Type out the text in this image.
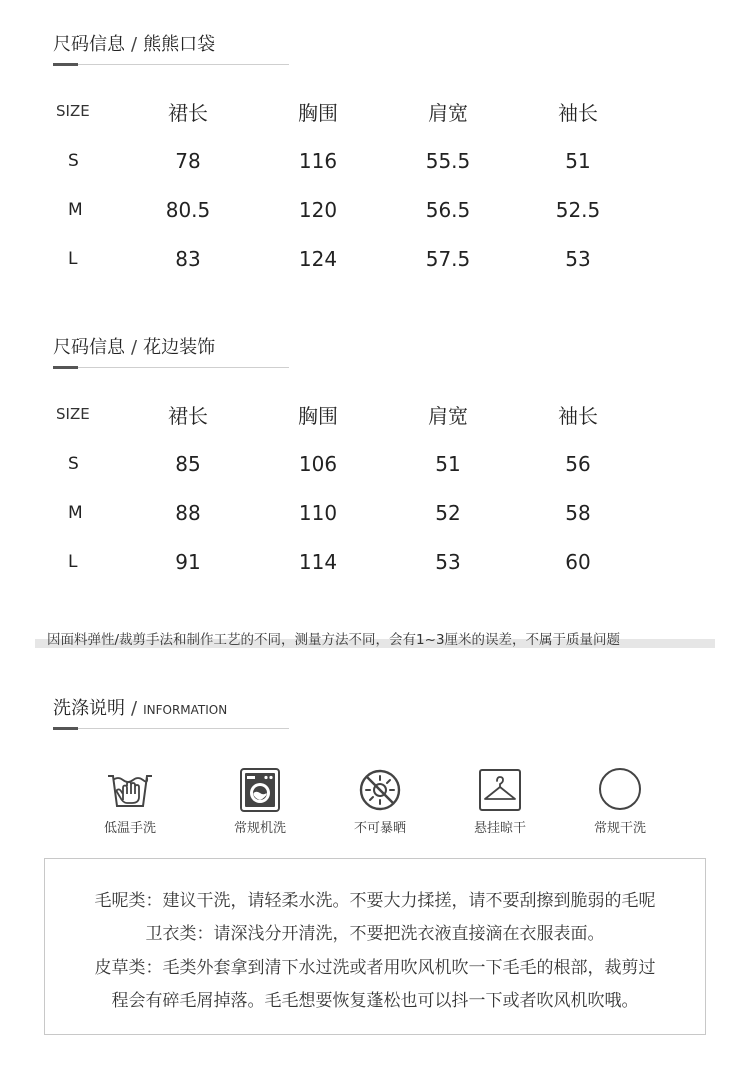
尺码信息 / 熊熊口袋
SIZE	裙长	胸围	肩宽	袖长
S	78	116	55.5	51
M	80.5	120	56.5	52.5
L	83	124	57.5	53
尺码信息 / 花边装饰
SIZE	裙长	胸围	肩宽	袖长
S	85	106	51	56
M	88	110	52	58
L	91	114	53	60
因面料弹性/裁剪手法和制作工艺的不同，测量方法不同，会有1~3厘米的误差，不属于质量问题
洗涤说明 / INFORMATION
低温手洗	常规机洗	不可暴晒	悬挂晾干	常规干洗

毛呢类：建议干洗，请轻柔水洗。不要大力揉搓，请不要刮擦到脆弱的毛呢

卫衣类：请深浅分开清洗，不要把洗衣液直接滴在衣服表面。

皮草类：毛类外套拿到清下水过洗或者用吹风机吹一下毛毛的根部，裁剪过

程会有碎毛屑掉落。毛毛想要恢复蓬松也可以抖一下或者吹风机吹哦。
